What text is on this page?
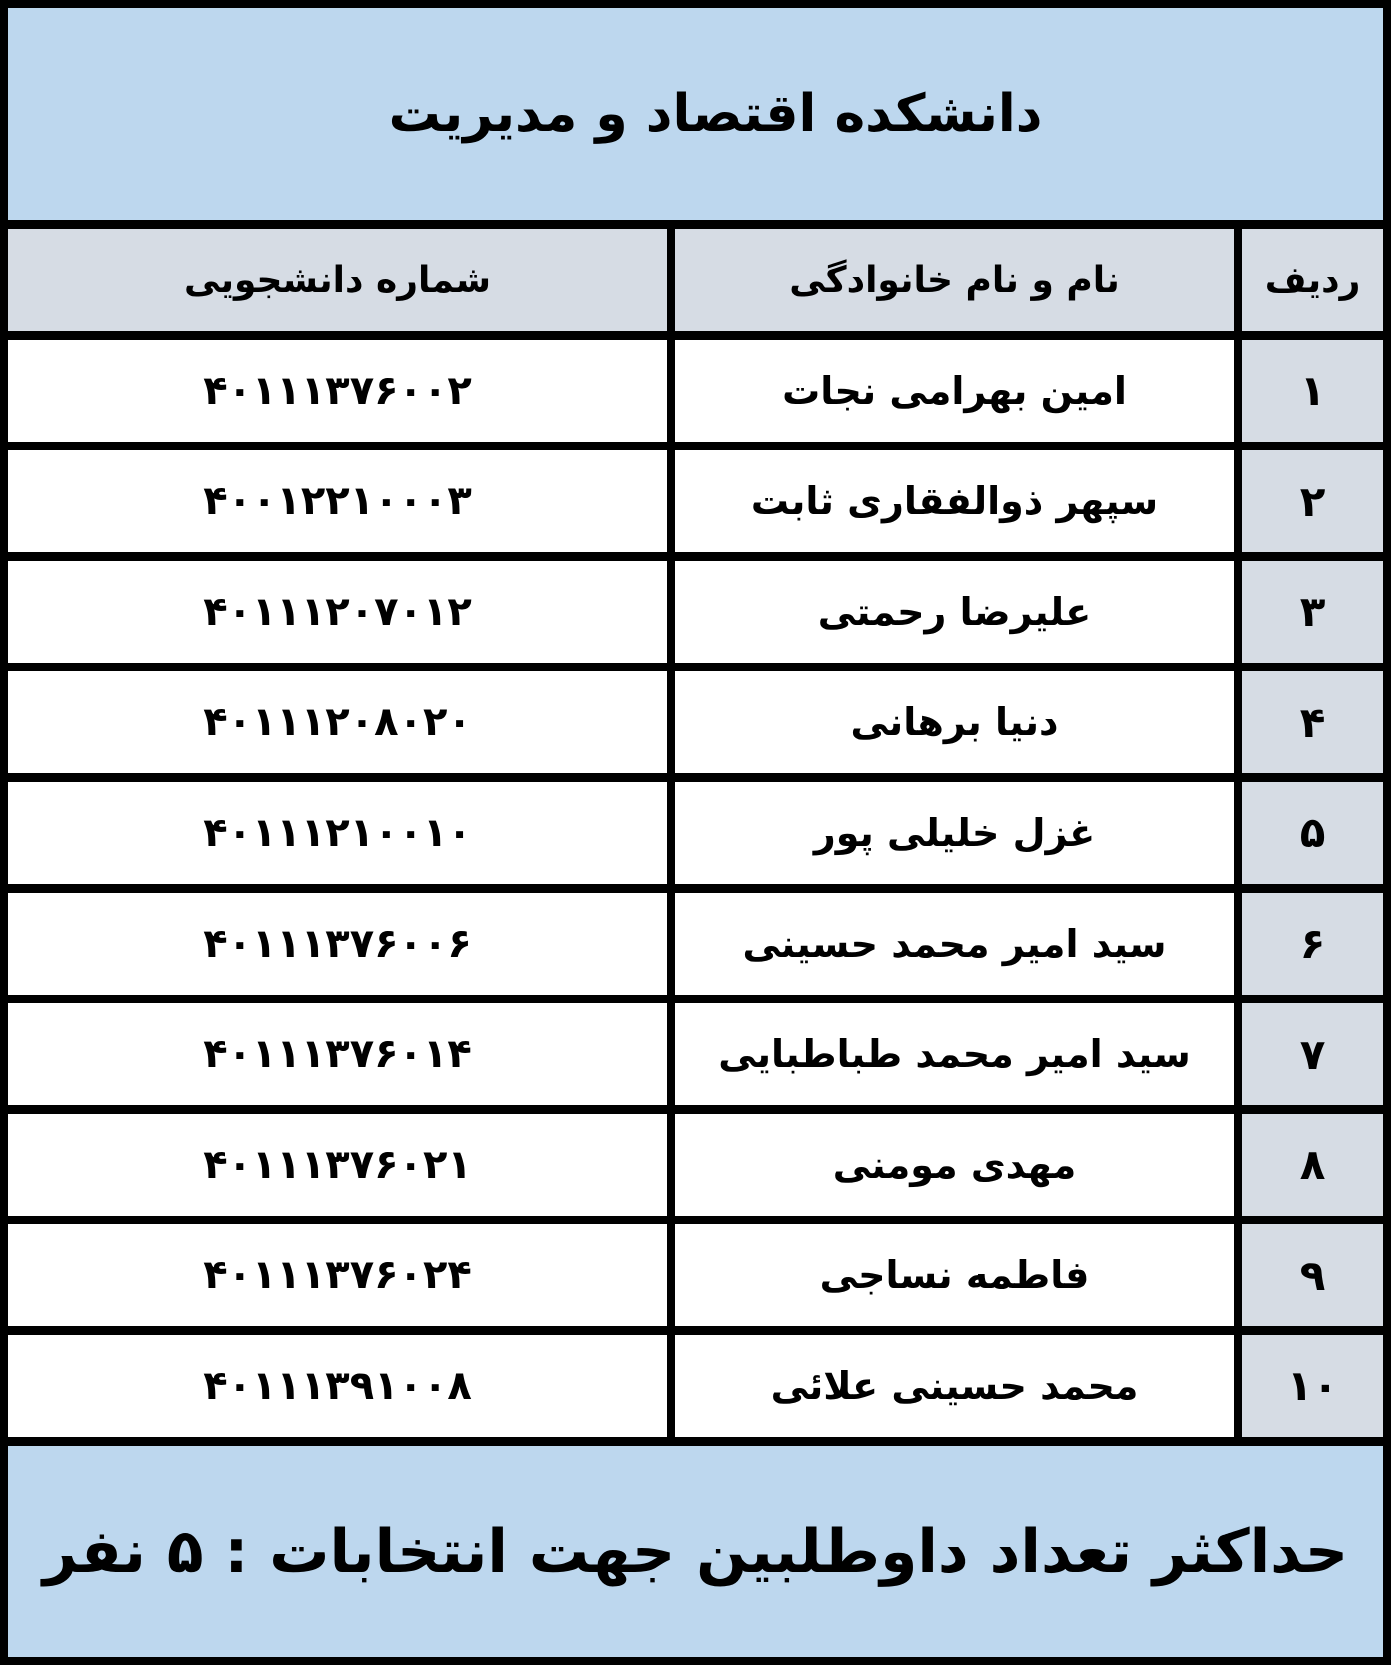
دانشکده اقتصاد و مدیریت
شماره دانشجویی	نام و نام خانوادگی	ردیف
۴۰۱۱۱۳۷۶۰۰۲	امین بهرامی نجات	۱
۴۰۰۱۲۲۱۰۰۰۳	سپهر ذوالفقاری ثابت	۲
۴۰۱۱۱۲۰۷۰۱۲	علیرضا رحمتی	۳
۴۰۱۱۱۲۰۸۰۲۰	دنیا برهانی	۴
۴۰۱۱۱۲۱۰۰۱۰	غزل خلیلی پور	۵
۴۰۱۱۱۳۷۶۰۰۶	سید امیر محمد حسینی	۶
۴۰۱۱۱۳۷۶۰۱۴	سید امیر محمد طباطبایی	۷
۴۰۱۱۱۳۷۶۰۲۱	مهدی مومنی	۸
۴۰۱۱۱۳۷۶۰۲۴	فاطمه نساجی	۹
۴۰۱۱۱۳۹۱۰۰۸	محمد حسینی علائی	۱۰
حداکثر تعداد داوطلبین جهت انتخابات : ۵ نفر
